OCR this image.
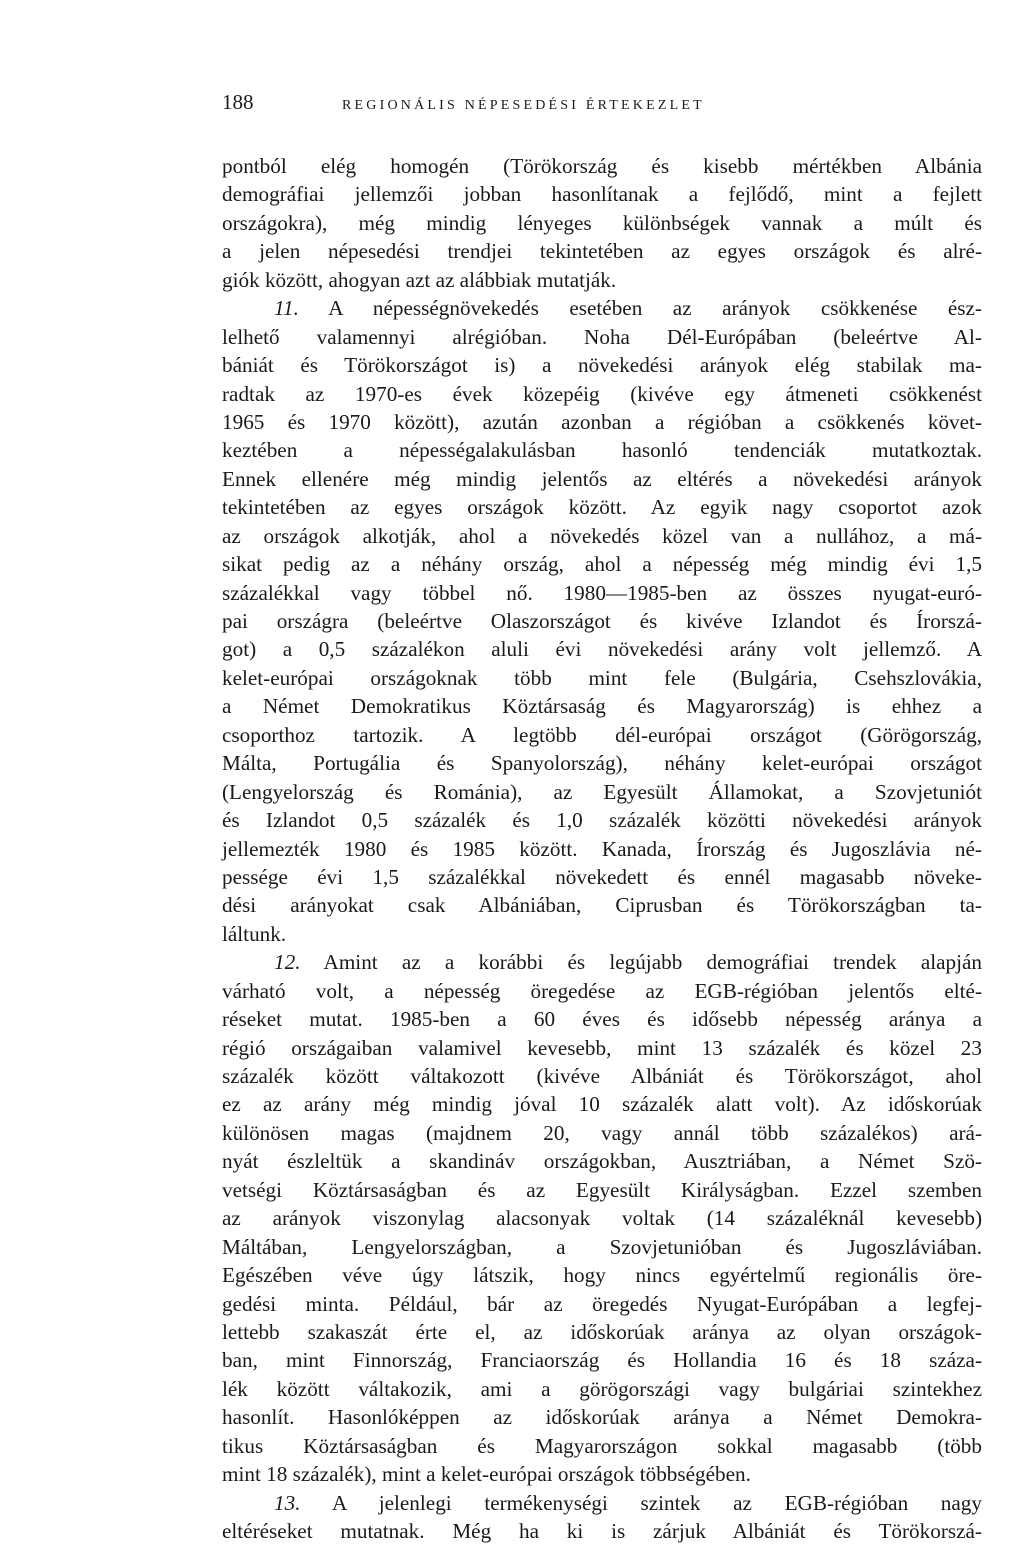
188	REGIONÁLIS NÉPESEDÉSI ÉRTEKEZLET
pontból elég homogén (Törökország és kisebb mértékben Albánia
demográfiai jellemzői jobban hasonlítanak a fejlődő, mint a fejlett
országokra), még mindig lényeges különbségek vannak a múlt és
a jelen népesedési trendjei tekintetében az egyes országok és alré-
giók között, ahogyan azt az alábbiak mutatják.
11. A népességnövekedés esetében az arányok csökkenése ész-
lelhető valamennyi alrégióban. Noha Dél-Európában (beleértve Al-
bániát és Törökországot is) a növekedési arányok elég stabilak ma-
radtak az 1970-es évek közepéig (kivéve egy átmeneti csökkenést
1965 és 1970 között), azután azonban a régióban a csökkenés követ-
keztében a népességalakulásban hasonló tendenciák mutatkoztak.
Ennek ellenére még mindig jelentős az eltérés a növekedési arányok
tekintetében az egyes országok között. Az egyik nagy csoportot azok
az országok alkotják, ahol a növekedés közel van a nullához, a má-
sikat pedig az a néhány ország, ahol a népesség még mindig évi 1,5
százalékkal vagy többel nő. 1980—1985-ben az összes nyugat-euró-
pai országra (beleértve Olaszországot és kivéve Izlandot és Írorszá-
got) a 0,5 százalékon aluli évi növekedési arány volt jellemző. A
kelet-európai országoknak több mint fele (Bulgária, Csehszlovákia,
a Német Demokratikus Köztársaság és Magyarország) is ehhez a
csoporthoz tartozik. A legtöbb dél-európai országot (Görögország,
Málta, Portugália és Spanyolország), néhány kelet-európai országot
(Lengyelország és Románia), az Egyesült Államokat, a Szovjetuniót
és Izlandot 0,5 százalék és 1,0 százalék közötti növekedési arányok
jellemezték 1980 és 1985 között. Kanada, Írország és Jugoszlávia né-
pessége évi 1,5 százalékkal növekedett és ennél magasabb növeke-
dési arányokat csak Albániában, Ciprusban és Törökországban ta-
láltunk.
12. Amint az a korábbi és legújabb demográfiai trendek alapján
várható volt, a népesség öregedése az EGB-régióban jelentős elté-
réseket mutat. 1985-ben a 60 éves és idősebb népesség aránya a
régió országaiban valamivel kevesebb, mint 13 százalék és közel 23
százalék között váltakozott (kivéve Albániát és Törökországot, ahol
ez az arány még mindig jóval 10 százalék alatt volt). Az időskorúak
különösen magas (majdnem 20, vagy annál több százalékos) ará-
nyát észleltük a skandináv országokban, Ausztriában, a Német Szö-
vetségi Köztársaságban és az Egyesült Királyságban. Ezzel szemben
az arányok viszonylag alacsonyak voltak (14 százaléknál kevesebb)
Máltában, Lengyelországban, a Szovjetunióban és Jugoszláviában.
Egészében véve úgy látszik, hogy nincs egyértelmű regionális öre-
gedési minta. Például, bár az öregedés Nyugat-Európában a legfej-
lettebb szakaszát érte el, az időskorúak aránya az olyan országok-
ban, mint Finnország, Franciaország és Hollandia 16 és 18 száza-
lék között váltakozik, ami a görögországi vagy bulgáriai szintekhez
hasonlít. Hasonlóképpen az időskorúak aránya a Német Demokra-
tikus Köztársaságban és Magyarországon sokkal magasabb (több
mint 18 százalék), mint a kelet-európai országok többségében.
13. A jelenlegi termékenységi szintek az EGB-régióban nagy
eltéréseket mutatnak. Még ha ki is zárjuk Albániát és Törökorszá-
